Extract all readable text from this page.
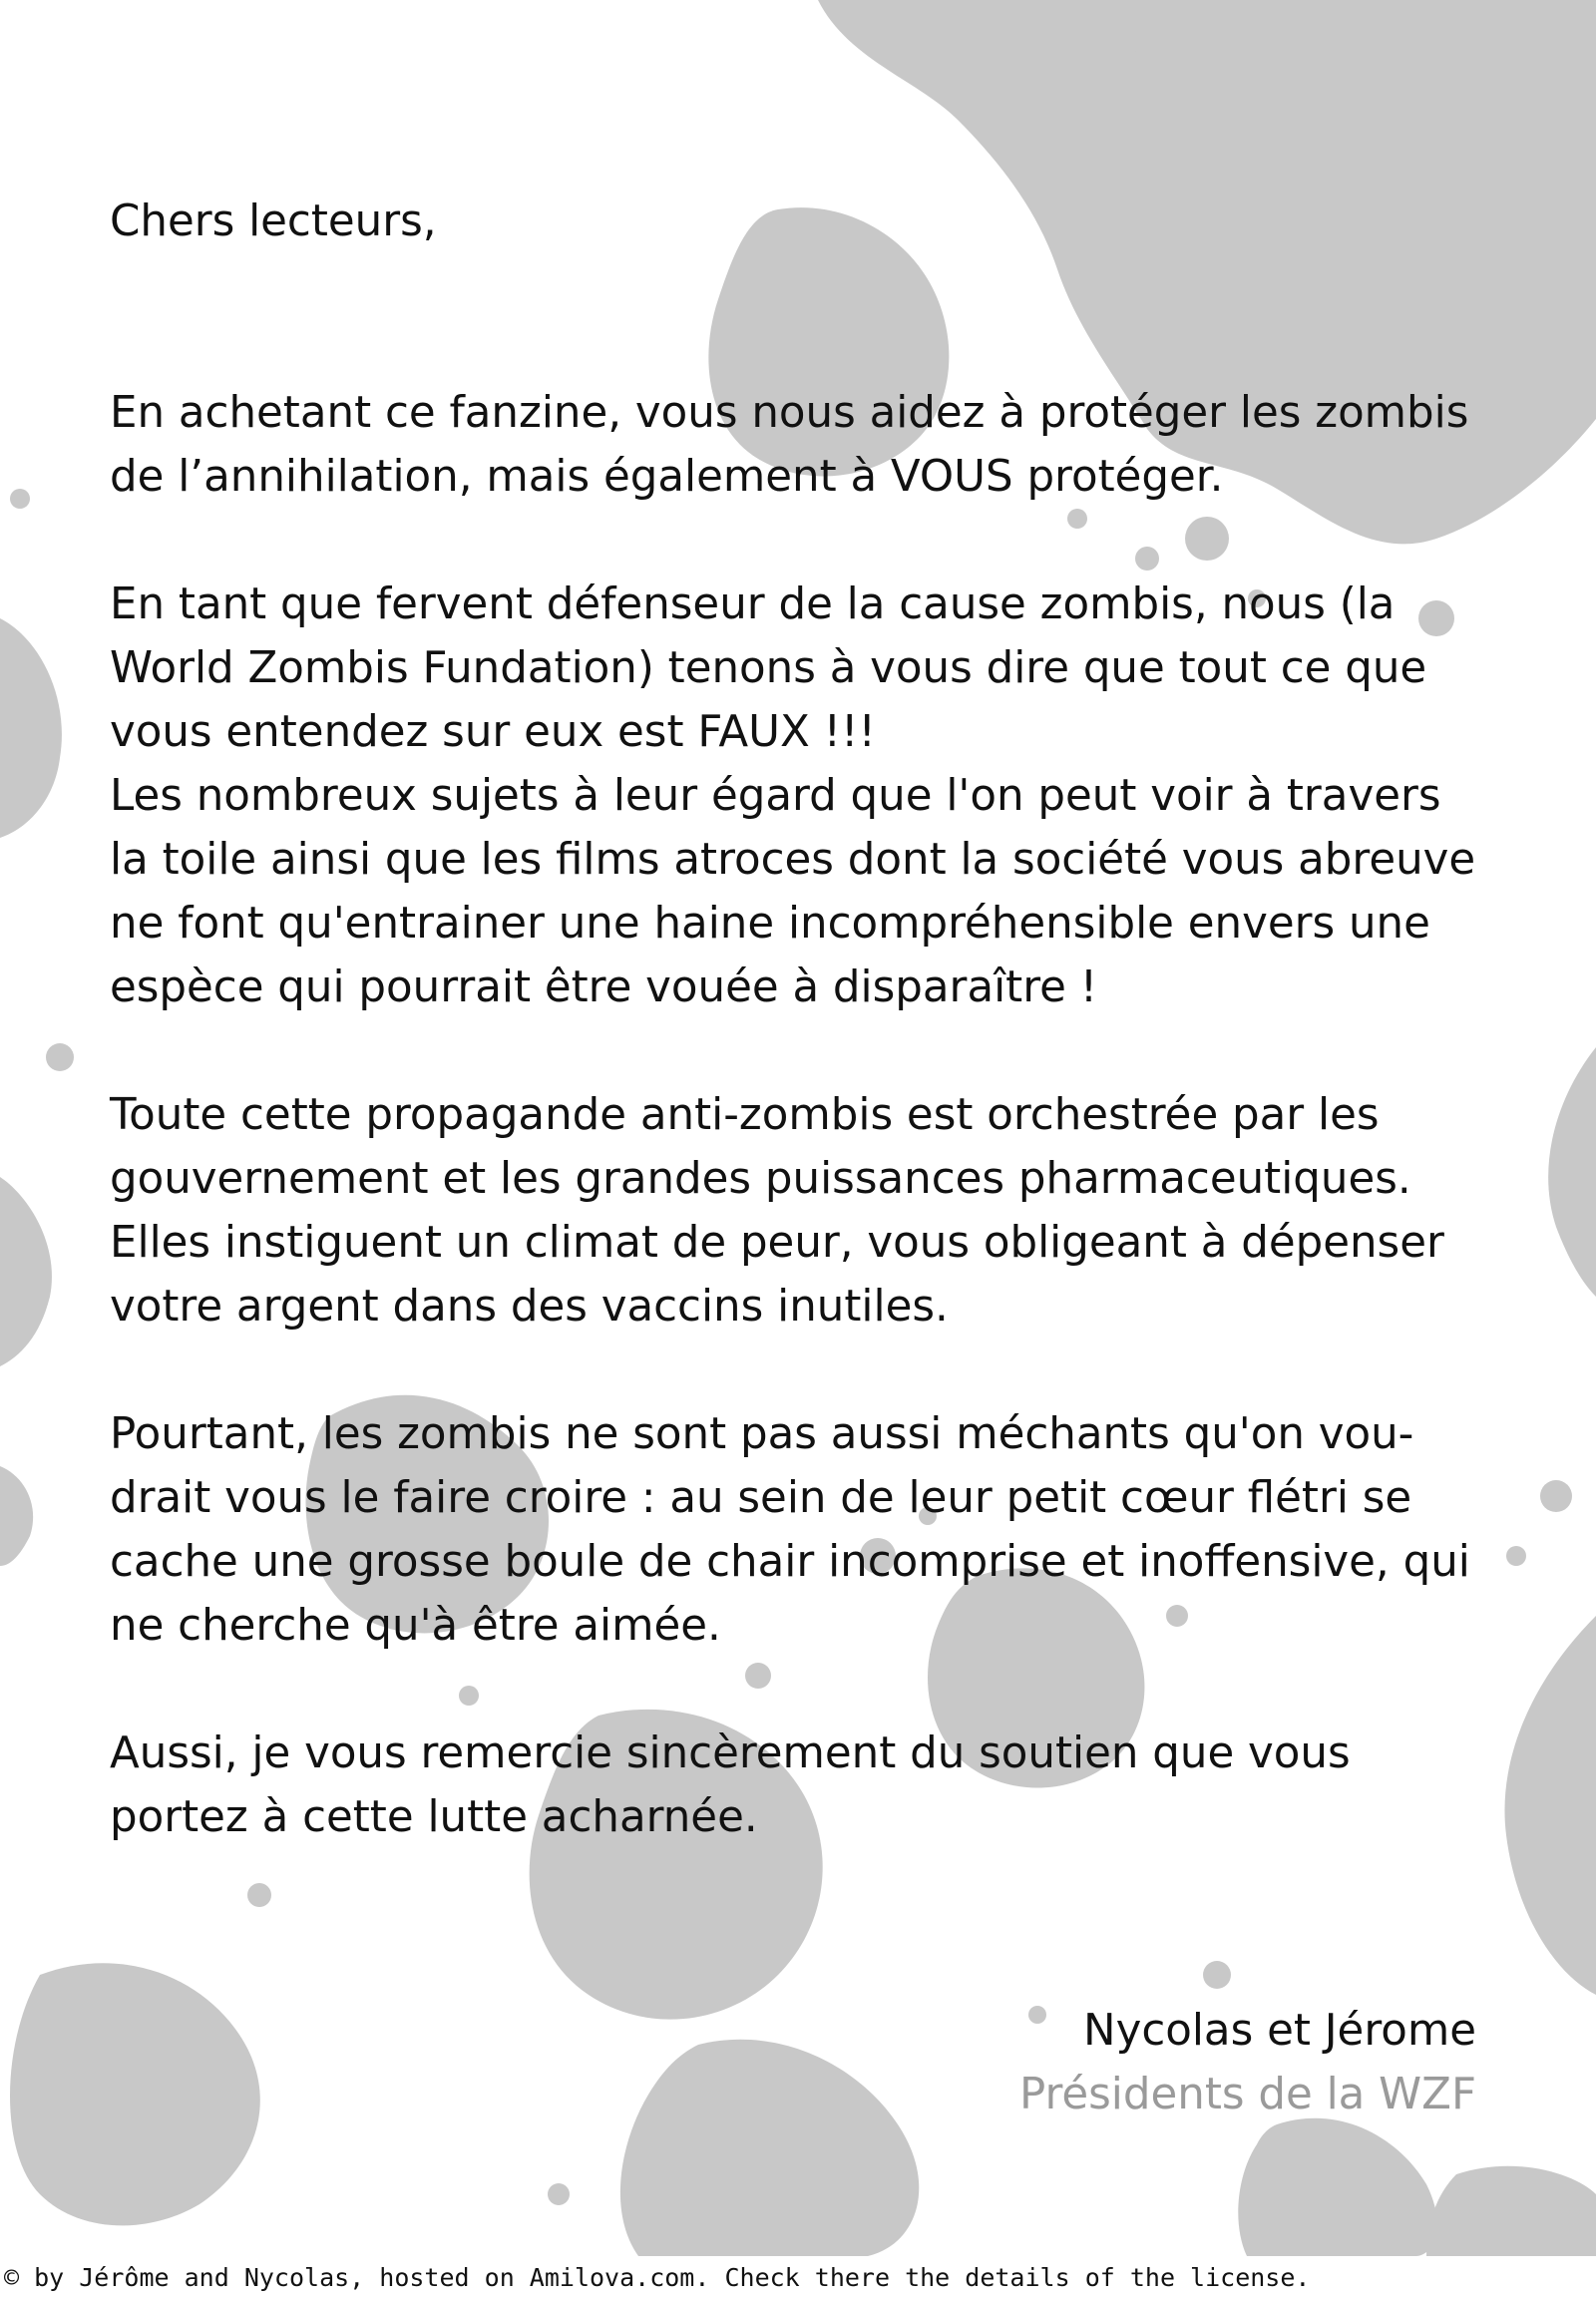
Chers lecteurs,

En achetant ce fanzine, vous nous aidez à protéger les zombis
de l’annihilation, mais également à VOUS protéger.

En tant que fervent défenseur de la cause zombis, nous (la
World Zombis Fundation) tenons à vous dire que tout ce que
vous entendez sur eux est FAUX !!!

Les nombreux sujets à leur égard que l'on peut voir à travers
la toile ainsi que les films atroces dont la société vous abreuve
ne font qu'entrainer une haine incompréhensible envers une
espèce qui pourrait être vouée à disparaître !

Toute cette propagande anti-zombis est orchestrée par les
gouvernement et les grandes puissances pharmaceutiques.
Elles instiguent un climat de peur, vous obligeant à dépenser
votre argent dans des vaccins inutiles.

Pourtant, les zombis ne sont pas aussi méchants qu'on vou-
drait vous le faire croire : au sein de leur petit cœur flétri se
cache une grosse boule de chair incomprise et inoffensive, qui
ne cherche qu'à être aimée.

Aussi, je vous remercie sincèrement du soutien que vous
portez à cette lutte acharnée.

Nycolas et Jérome
Présidents de la WZF
© by Jérôme and Nycolas, hosted on Amilova.com. Check there the details of the license.
